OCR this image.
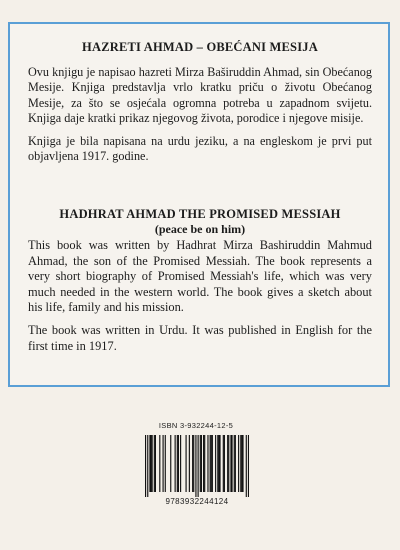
HAZRETI AHMAD – OBEĆANI MESIJA

Ovu knjigu je napisao hazreti Mirza Baširuddin Ahmad, sin Obećanog Mesije. Knjiga predstavlja vrlo kratku priču o životu Obećanog Mesije, za što se osjećala ogromna potreba u zapadnom svijetu. Knjiga daje kratki prikaz njegovog života, porodice i njegove misije.

Knjiga je bila napisana na urdu jeziku, a na engleskom je prvi put objavljena 1917. godine.

HADHRAT AHMAD THE PROMISED MESSIAH

(peace be on him)

This book was written by Hadhrat Mirza Bashiruddin Mahmud Ahmad, the son of the Promised Messiah. The book represents a very short biography of Promised Messiah's life, which was very much needed in the western world. The book gives a sketch about his life, family and his mission.

The book was written in Urdu. It was published in English for the first time in 1917.

ISBN 3-932244-12-5
9783932244124
